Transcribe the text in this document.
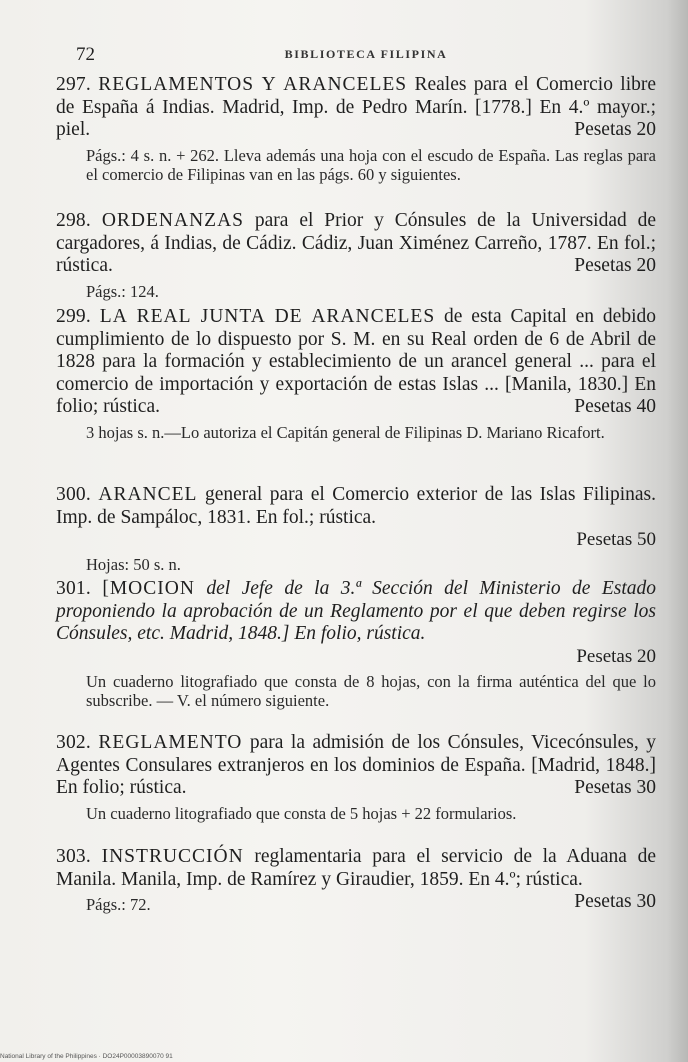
72	BIBLIOTECA FILIPINA

297. REGLAMENTOS Y ARANCELES Reales para el Comercio libre de España á Indias. Madrid, Imp. de Pedro Marín. [1778.] En 4.º mayor.; piel.	Pesetas 20

Págs.: 4 s. n. + 262. Lleva además una hoja con el escudo de España. Las reglas para el comercio de Filipinas van en las págs. 60 y siguientes.

298. ORDENANZAS para el Prior y Cónsules de la Universidad de cargadores, á Indias, de Cádiz. Cádiz, Juan Ximénez Carreño, 1787. En fol.; rústica.	Pesetas 20

Págs.: 124.

299. LA REAL JUNTA DE ARANCELES de esta Capital en debido cumplimiento de lo dispuesto por S. M. en su Real orden de 6 de Abril de 1828 para la formación y establecimiento de un arancel general ... para el comercio de importación y exportación de estas Islas ... [Manila, 1830.] En folio; rústica.	Pesetas 40

3 hojas s. n.—Lo autoriza el Capitán general de Filipinas D. Mariano Ricafort.

300. ARANCEL general para el Comercio exterior de las Islas Filipinas. Imp. de Sampáloc, 1831. En fol.; rústica.

Pesetas 50

Hojas: 50 s. n.

301. [MOCION del Jefe de la 3.ª Sección del Ministerio de Estado proponiendo la aprobación de un Reglamento por el que deben regirse los Cónsules, etc. Madrid, 1848.] En folio, rústica.

Pesetas 20

Un cuaderno litografiado que consta de 8 hojas, con la firma auténtica del que lo subscribe. — V. el número siguiente.

302. REGLAMENTO para la admisión de los Cónsules, Vicecónsules, y Agentes Consulares extranjeros en los dominios de España. [Madrid, 1848.] En folio; rústica.	Pesetas 30

Un cuaderno litografiado que consta de 5 hojas + 22 formularios.

303. INSTRUCCIÓN reglamentaria para el servicio de la Aduana de Manila. Manila, Imp. de Ramírez y Giraudier, 1859. En 4.º; rústica.
Pesetas 30

Págs.: 72.

National Library of the Philippines · DO24P00003890070 91
